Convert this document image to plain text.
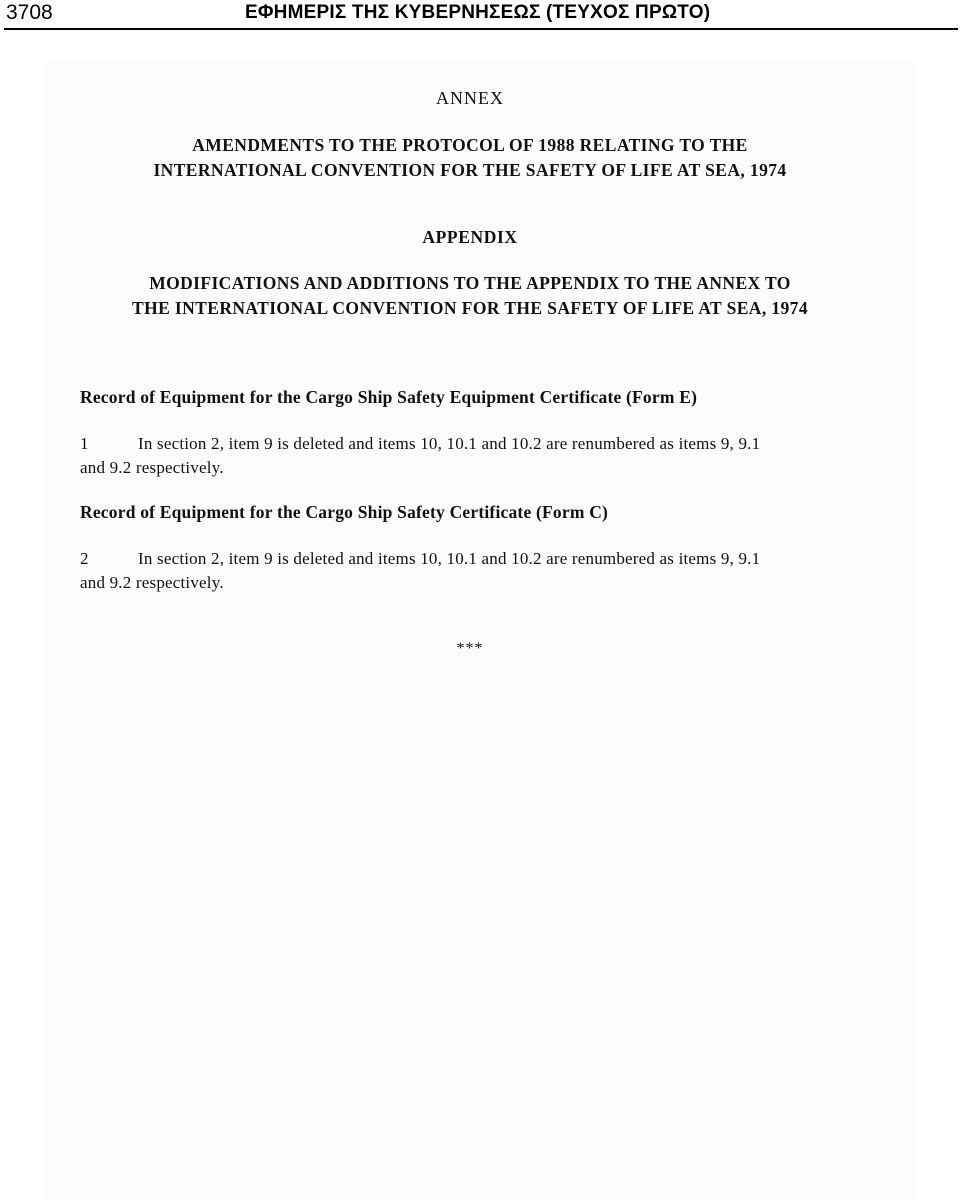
3708	ΕΦΗΜΕΡΙΣ ΤΗΣ ΚΥΒΕΡΝΗΣΕΩΣ (ΤΕΥΧΟΣ ΠΡΩΤΟ)
ANNEX
AMENDMENTS TO THE PROTOCOL OF 1988 RELATING TO THE
INTERNATIONAL CONVENTION FOR THE SAFETY OF LIFE AT SEA, 1974
APPENDIX
MODIFICATIONS AND ADDITIONS TO THE APPENDIX TO THE ANNEX TO
THE INTERNATIONAL CONVENTION FOR THE SAFETY OF LIFE AT SEA, 1974
Record of Equipment for the Cargo Ship Safety Equipment Certificate (Form E)
1	In section 2, item 9 is deleted and items 10, 10.1 and 10.2 are renumbered as items 9, 9.1
and 9.2 respectively.
Record of Equipment for the Cargo Ship Safety Certificate (Form C)
2	In section 2, item 9 is deleted and items 10, 10.1 and 10.2 are renumbered as items 9, 9.1
and 9.2 respectively.
***
